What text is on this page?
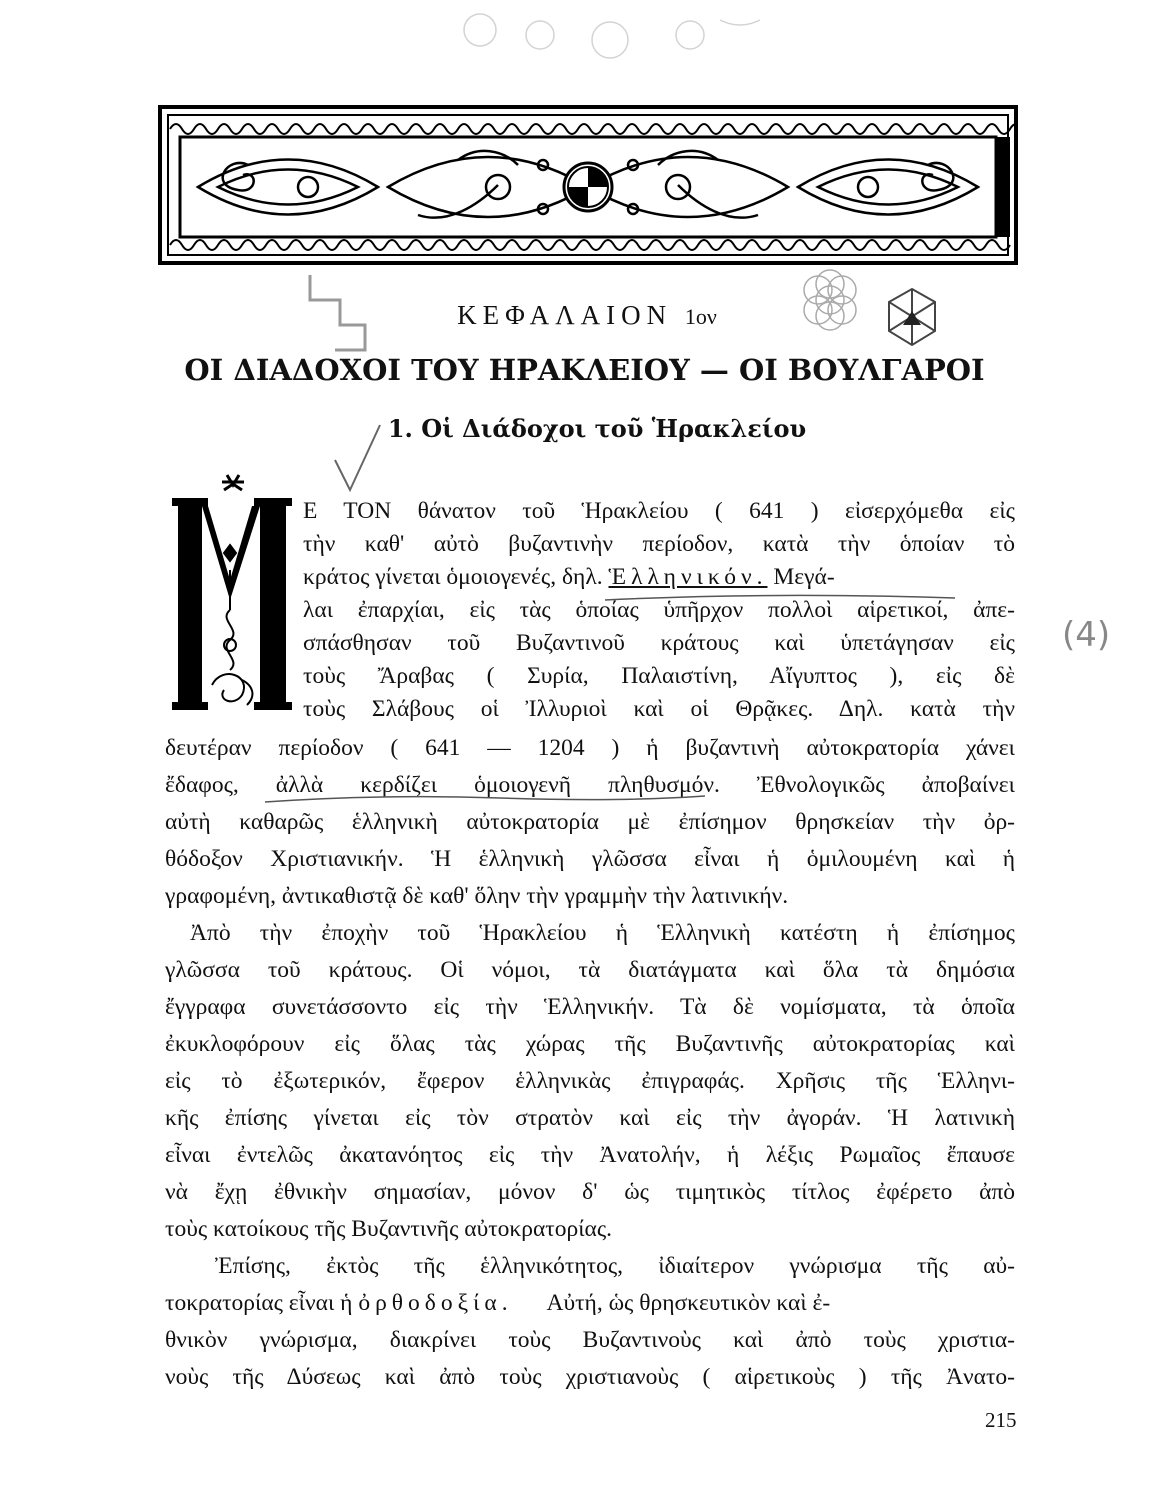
ΚΕΦΑΛΑΙΟΝ 1ον
ΟΙ ΔΙΑΔΟΧΟΙ ΤΟΥ ΗΡΑΚΛΕΙΟΥ — ΟΙ ΒΟΥΛΓΑΡΟΙ
1. Οἱ Διάδοχοι τοῦ Ἡρακλείου
Ε ΤΟΝ θάνατον τοῦ Ἡρακλείου ( 641 ) εἰσερχόμεθα εἰς
τὴν καθ' αὐτὸ βυζαντινὴν περίοδον, κατὰ τὴν ὁποίαν τὸ
κράτος γίνεται ὁμοιογενές, δηλ. Ἑλληνικόν. Μεγά-
λαι ἐπαρχίαι, εἰς τὰς ὁποίας ὑπῆρχον πολλοὶ αἱρετικοί, ἀπε-
σπάσθησαν τοῦ Βυζαντινοῦ κράτους καὶ ὑπετάγησαν εἰς
τοὺς Ἄραβας ( Συρία, Παλαιστίνη, Αἴγυπτος ), εἰς δὲ
τοὺς Σλάβους οἱ Ἰλλυριοὶ καὶ οἱ Θρᾷκες. Δηλ. κατὰ τὴν
δευτέραν περίοδον ( 641 — 1204 ) ἡ βυζαντινὴ αὐτοκρατορία χάνει
ἔδαφος, ἀλλὰ κερδίζει ὁμοιογενῆ πληθυσμόν. Ἐθνολογικῶς ἀποβαίνει
αὐτὴ καθαρῶς ἑλληνικὴ αὐτοκρατορία μὲ ἐπίσημον θρησκείαν τὴν ὀρ-
θόδοξον Χριστιανικήν. Ἡ ἑλληνικὴ γλῶσσα εἶναι ἡ ὁμιλουμένη καὶ ἡ
γραφομένη, ἀντικαθιστᾷ δὲ καθ' ὅλην τὴν γραμμὴν τὴν λατινικήν.
Ἀπὸ τὴν ἐποχὴν τοῦ Ἡρακλείου ἡ Ἑλληνικὴ κατέστη ἡ ἐπίσημος
γλῶσσα τοῦ κράτους. Οἱ νόμοι, τὰ διατάγματα καὶ ὅλα τὰ δημόσια
ἔγγραφα συνετάσσοντο εἰς τὴν Ἑλληνικήν. Τὰ δὲ νομίσματα, τὰ ὁποῖα
ἐκυκλοφόρουν εἰς ὅλας τὰς χώρας τῆς Βυζαντινῆς αὐτοκρατορίας καὶ
εἰς τὸ ἐξωτερικόν, ἔφερον ἑλληνικὰς ἐπιγραφάς. Χρῆσις τῆς Ἑλληνι-
κῆς ἐπίσης γίνεται εἰς τὸν στρατὸν καὶ εἰς τὴν ἀγοράν. Ἡ λατινικὴ
εἶναι ἐντελῶς ἀκατανόητος εἰς τὴν Ἀνατολήν, ἡ λέξις Ρωμαῖος ἔπαυσε
νὰ ἔχῃ ἐθνικὴν σημασίαν, μόνον δ' ὡς τιμητικὸς τίτλος ἐφέρετο ἀπὸ
τοὺς κατοίκους τῆς Βυζαντινῆς αὐτοκρατορίας.
Ἐπίσης, ἐκτὸς τῆς ἑλληνικότητος, ἰδιαίτερον γνώρισμα τῆς αὐ-
τοκρατορίας εἶναι ἡ ὀρθοδοξία. Αὐτή, ὡς θρησκευτικὸν καὶ ἐ-
θνικὸν γνώρισμα, διακρίνει τοὺς Βυζαντινοὺς καὶ ἀπὸ τοὺς χριστια-
νοὺς τῆς Δύσεως καὶ ἀπὸ τοὺς χριστιανοὺς ( αἱρετικοὺς ) τῆς Ἀνατο-
(4)
215
